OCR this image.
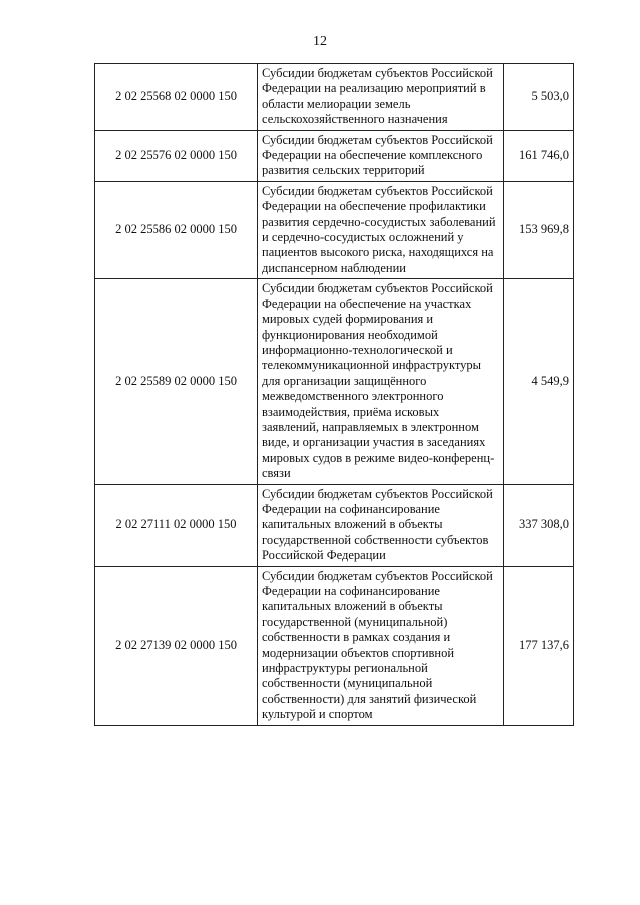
12
2 02 25568 02 0000 150	Субсидии бюджетам субъектов Российской Федерации на реализацию мероприятий в области мелиорации земель сельскохозяйственного назначения	5 503,0
2 02 25576 02 0000 150	Субсидии бюджетам субъектов Российской Федерации на обеспечение комплексного развития сельских территорий	161 746,0
2 02 25586 02 0000 150	Субсидии бюджетам субъектов Российской Федерации на обеспечение профилактики развития сердечно-сосудистых заболеваний и сердечно-сосудистых осложнений у пациентов высокого риска, находящихся на диспансерном наблюдении	153 969,8
2 02 25589 02 0000 150	Субсидии бюджетам субъектов Российской Федерации на обеспечение на участках мировых судей формирования и функционирования необходимой информационно-технологической и телекоммуникационной инфраструктуры для организации защищённого межведомственного электронного взаимодействия, приёма исковых заявлений, направляемых в электронном виде, и организации участия в заседаниях мировых судов в режиме видео-конференц-связи	4 549,9
2 02 27111 02 0000 150	Субсидии бюджетам субъектов Российской Федерации на софинансирование капитальных вложений в объекты государственной собственности субъектов Российской Федерации	337 308,0
2 02 27139 02 0000 150	Субсидии бюджетам субъектов Российской Федерации на софинансирование капитальных вложений в объекты государственной (муниципальной) собственности в рамках создания и модернизации объектов спортивной инфраструктуры региональной собственности (муниципальной собственности) для занятий физической культурой и спортом	177 137,6
